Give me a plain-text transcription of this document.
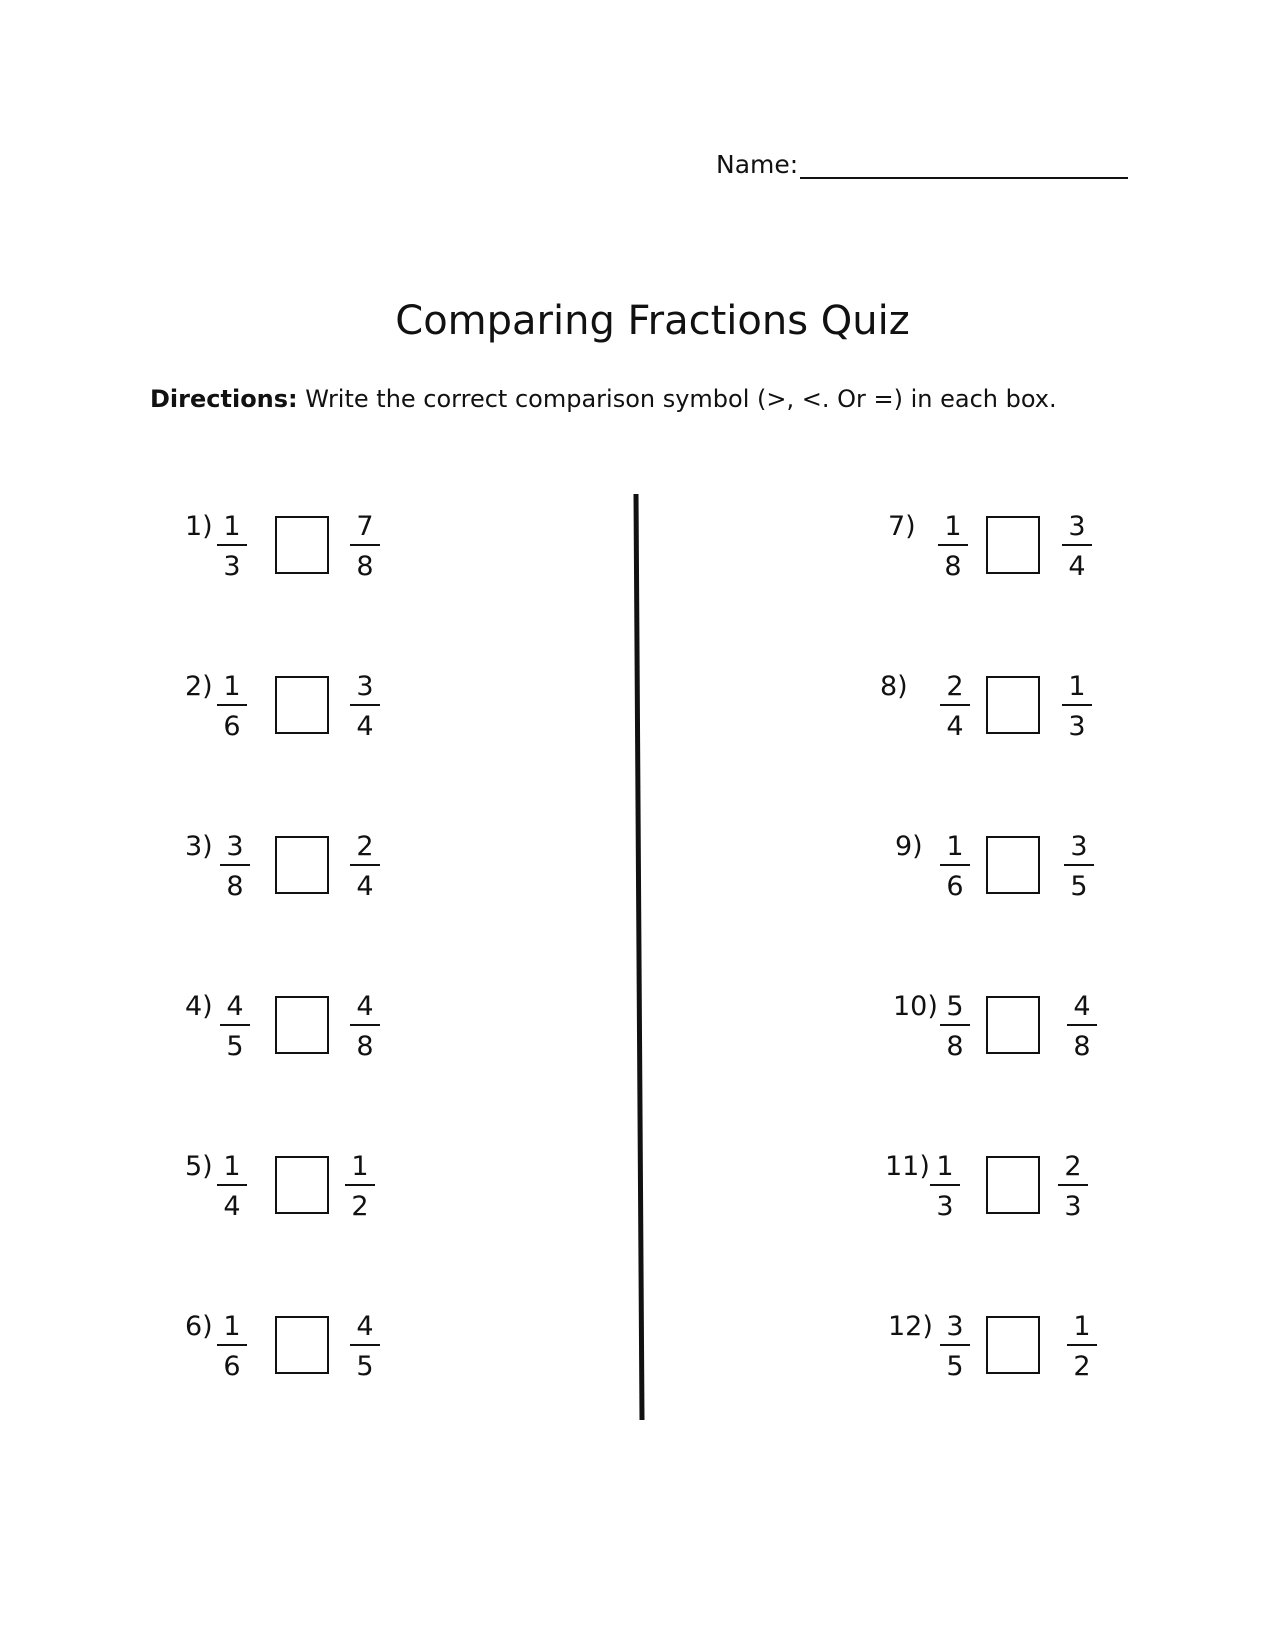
Name:
Comparing Fractions Quiz
Directions: Write the correct comparison symbol (>, <. Or =) in each box.
$1) \frac{1}{3}$	$\frac{7}{8}$
$2) \frac{1}{6}$	$\frac{3}{4}$
$3) \frac{3}{8}$	$\frac{2}{4}$
$4) \frac{4}{5}$	$\frac{4}{8}$
$5) \frac{1}{4}$	$\frac{1}{2}$
$6) \frac{1}{6}$	$\frac{4}{5}$
$7) \frac{1}{8}$	$\frac{3}{4}$
$8) \frac{2}{4}$	$\frac{1}{3}$
$9) \frac{1}{6}$	$\frac{3}{5}$
$10) \frac{5}{8}$	$\frac{4}{8}$
$11) \frac{1}{3}$	$\frac{2}{3}$
$12) \frac{3}{5}$	$\frac{1}{2}$
